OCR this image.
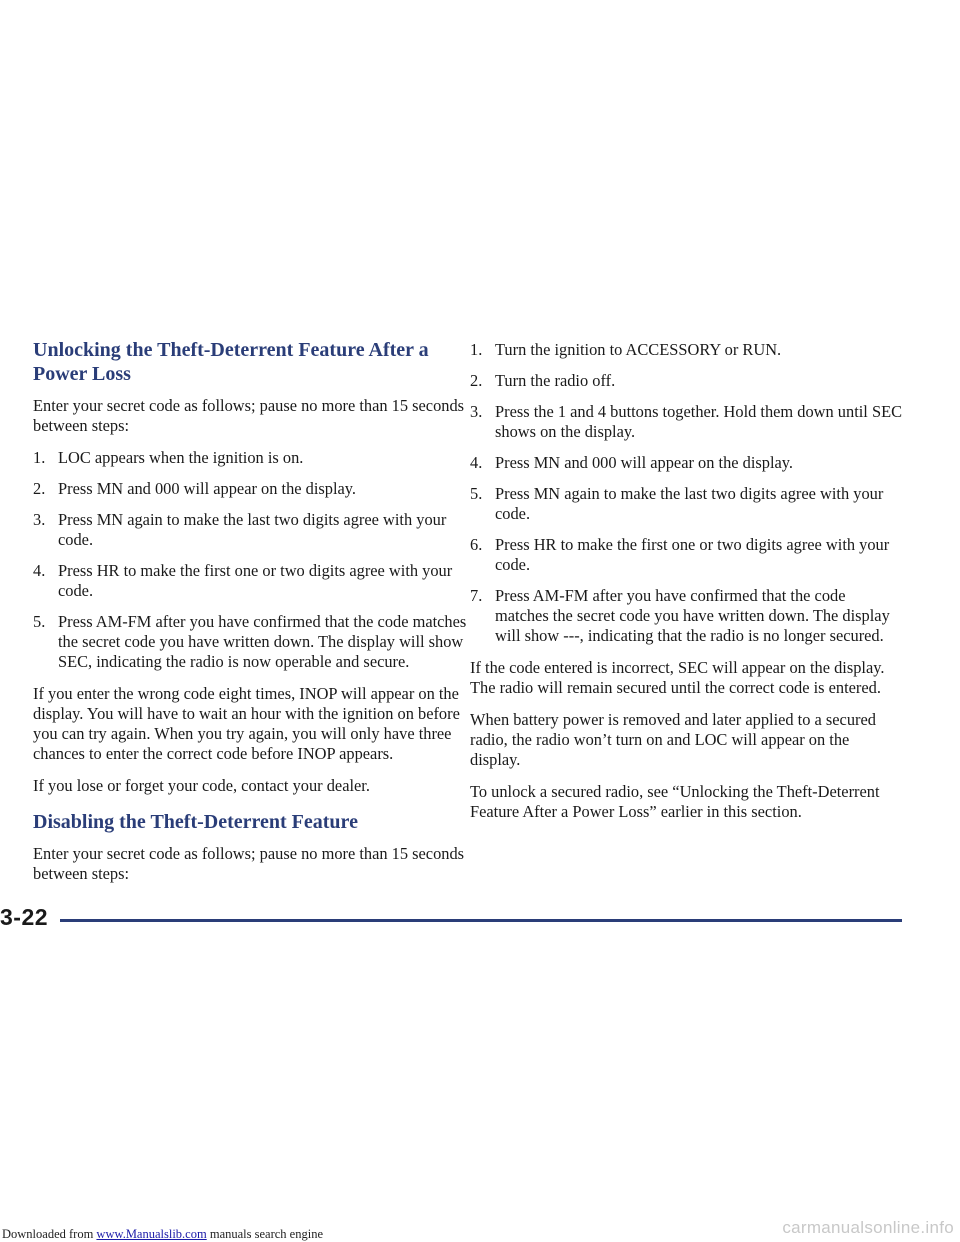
Unlocking the Theft-Deterrent Feature After a Power Loss

Enter your secret code as follows; pause no more than 15 seconds between steps:

1. LOC appears when the ignition is on.
2. Press MN and 000 will appear on the display.
3. Press MN again to make the last two digits agree with your code.
4. Press HR to make the first one or two digits agree with your code.
5. Press AM-FM after you have confirmed that the code matches the secret code you have written down. The display will show SEC, indicating the radio is now operable and secure.

If you enter the wrong code eight times, INOP will appear on the display. You will have to wait an hour with the ignition on before you can try again. When you try again, you will only have three chances to enter the correct code before INOP appears.

If you lose or forget your code, contact your dealer.

Disabling the Theft-Deterrent Feature

Enter your secret code as follows; pause no more than 15 seconds between steps:

1. Turn the ignition to ACCESSORY or RUN.
2. Turn the radio off.
3. Press the 1 and 4 buttons together. Hold them down until SEC shows on the display.
4. Press MN and 000 will appear on the display.
5. Press MN again to make the last two digits agree with your code.
6. Press HR to make the first one or two digits agree with your code.
7. Press AM-FM after you have confirmed that the code matches the secret code you have written down. The display will show ---, indicating that the radio is no longer secured.

If the code entered is incorrect, SEC will appear on the display. The radio will remain secured until the correct code is entered.

When battery power is removed and later applied to a secured radio, the radio won’t turn on and LOC will appear on the display.

To unlock a secured radio, see “Unlocking the Theft-Deterrent Feature After a Power Loss” earlier in this section.

3-22
Downloaded from www.Manualslib.com manuals search engine	carmanualsonline.info
